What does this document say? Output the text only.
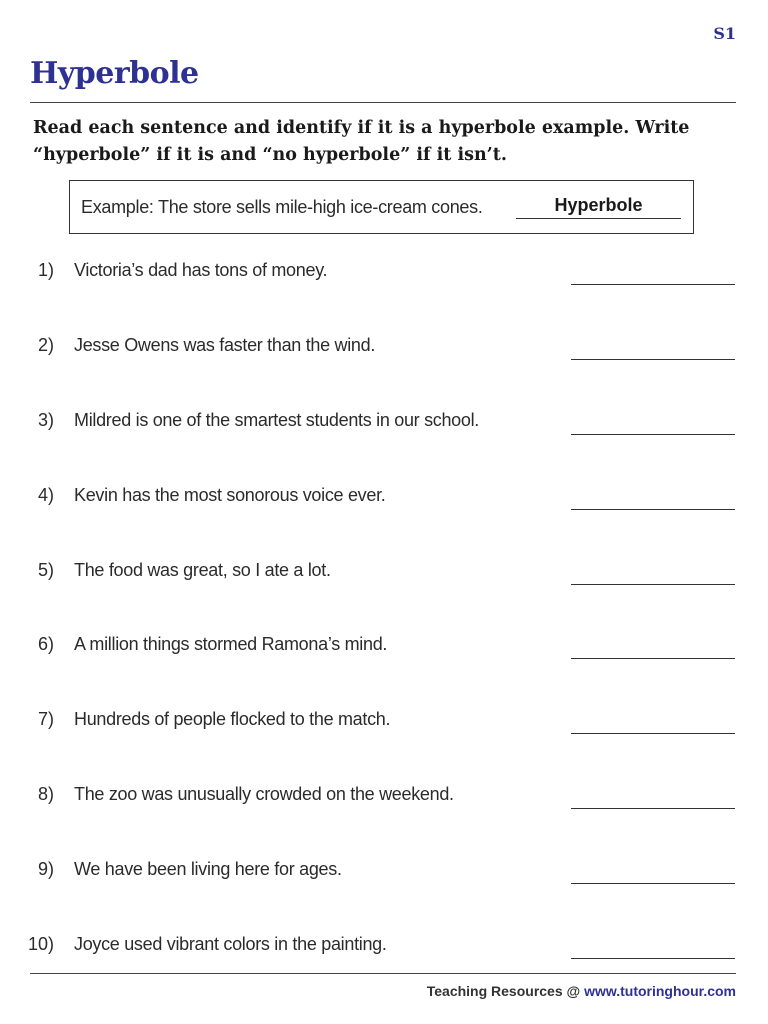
S1
Hyperbole

Read each sentence and identify if it is a hyperbole example. Write “hyperbole” if it is and “no hyperbole” if it isn’t.

Example: The store sells mile-high ice-cream cones.	Hyperbole
1) Victoria’s dad has tons of money.
2) Jesse Owens was faster than the wind.
3) Mildred is one of the smartest students in our school.
4) Kevin has the most sonorous voice ever.
5) The food was great, so I ate a lot.
6) A million things stormed Ramona’s mind.
7) Hundreds of people flocked to the match.
8) The zoo was unusually crowded on the weekend.
9) We have been living here for ages.
10) Joyce used vibrant colors in the painting.
Teaching Resources @ www.tutoringhour.com
